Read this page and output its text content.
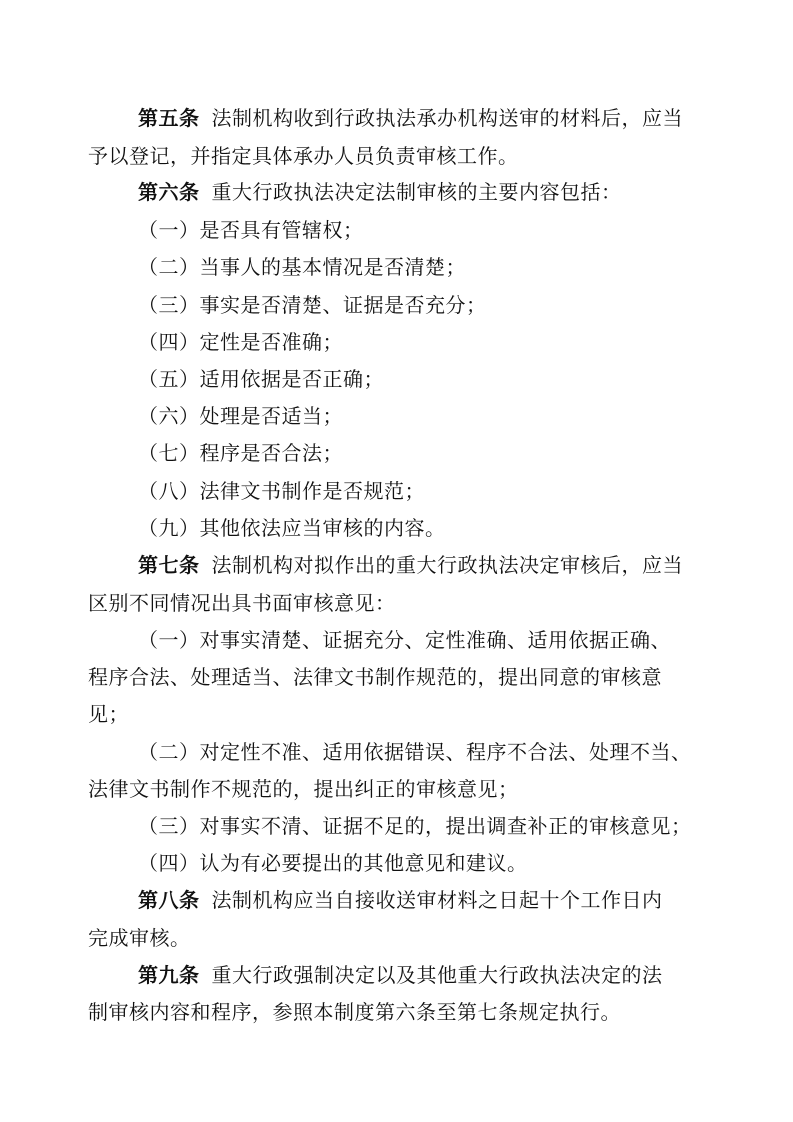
第五条 法制机构收到行政执法承办机构送审的材料后，应当
予以登记，并指定具体承办人员负责审核工作。
第六条 重大行政执法决定法制审核的主要内容包括：
（一）是否具有管辖权；
（二）当事人的基本情况是否清楚；
（三）事实是否清楚、证据是否充分；
（四）定性是否准确；
（五）适用依据是否正确；
（六）处理是否适当；
（七）程序是否合法；
（八）法律文书制作是否规范；
（九）其他依法应当审核的内容。
第七条 法制机构对拟作出的重大行政执法决定审核后，应当
区别不同情况出具书面审核意见：
（一）对事实清楚、证据充分、定性准确、适用依据正确、
程序合法、处理适当、法律文书制作规范的，提出同意的审核意
见；
（二）对定性不准、适用依据错误、程序不合法、处理不当、
法律文书制作不规范的，提出纠正的审核意见；
（三）对事实不清、证据不足的，提出调查补正的审核意见；
（四）认为有必要提出的其他意见和建议。
第八条 法制机构应当自接收送审材料之日起十个工作日内
完成审核。
第九条 重大行政强制决定以及其他重大行政执法决定的法
制审核内容和程序，参照本制度第六条至第七条规定执行。
